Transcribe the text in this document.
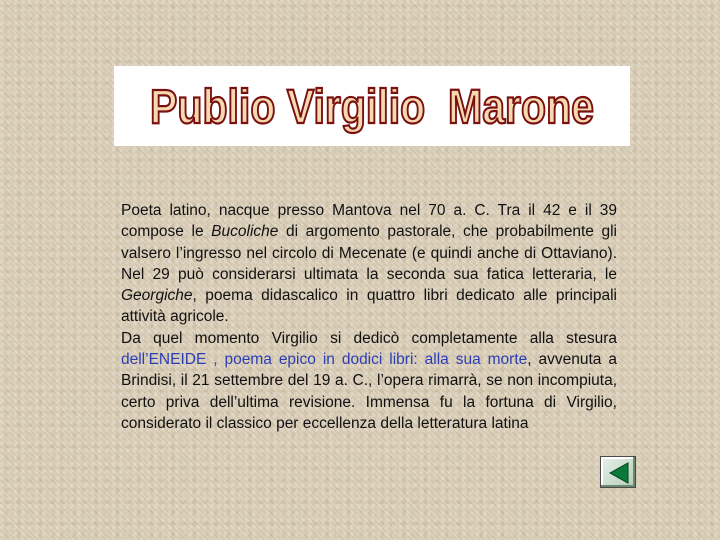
Publio Virgilio  Marone

Poeta latino, nacque presso Mantova nel 70 a. C. Tra il 42 e il 39 compose le Bucoliche di argomento pastorale, che probabilmente gli valsero l’ingresso nel circolo di Mecenate (e quindi anche di Ottaviano). Nel 29 può considerarsi ultimata la seconda sua fatica letteraria, le Georgiche, poema didascalico in quattro libri dedicato alle principali attività agricole.
Da quel momento Virgilio si dedicò completamente alla stesura dell’ENEIDE , poema epico in dodici libri: alla sua morte, avvenuta a Brindisi, il 21 settembre del 19 a. C., l’opera rimarrà, se non incompiuta, certo priva dell’ultima revisione. Immensa fu la fortuna di Virgilio, considerato il classico per eccellenza della letteratura latina
